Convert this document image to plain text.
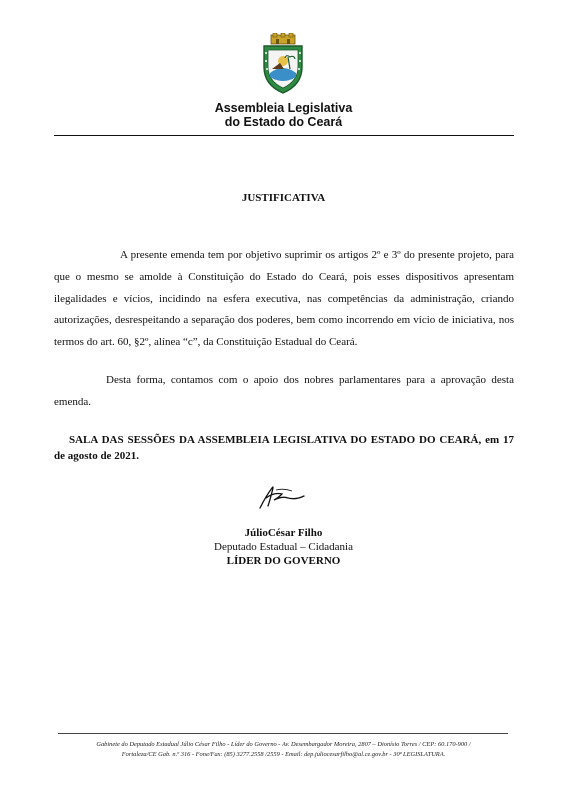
Assembleia Legislativa
do Estado do Ceará
JUSTIFICATIVA
A presente emenda tem por objetivo suprimir os artigos 2º e 3º do presente projeto, para que o mesmo se amolde à Constituição do Estado do Ceará, pois esses dispositivos apresentam ilegalidades e vícios, incidindo na esfera executiva, nas competências da administração, criando autorizações, desrespeitando a separação dos poderes, bem como incorrendo em vício de iniciativa, nos termos do art. 60, §2º, alínea “c”, da Constituição Estadual do Ceará.
Desta forma, contamos com o apoio dos nobres parlamentares para a aprovação desta emenda.
SALA DAS SESSÕES DA ASSEMBLEIA LEGISLATIVA DO ESTADO DO CEARÁ, em 17 de agosto de 2021.
JúlioCésar Filho
Deputado Estadual – Cidadania
LÍDER DO GOVERNO
Gabinete do Deputado Estadual Júlio César Filho - Líder do Governo - Av. Desembargador Moreira, 2807 – Dionísio Torres / CEP: 60.170-900 /
Fortaleza/CE Gab. n.º 316 - Fone/Fax: (85) 3277.2558 /2559 - Email: dep.juliocesarfilho@al.ce.gov.br - 30ª LEGISLATURA.
